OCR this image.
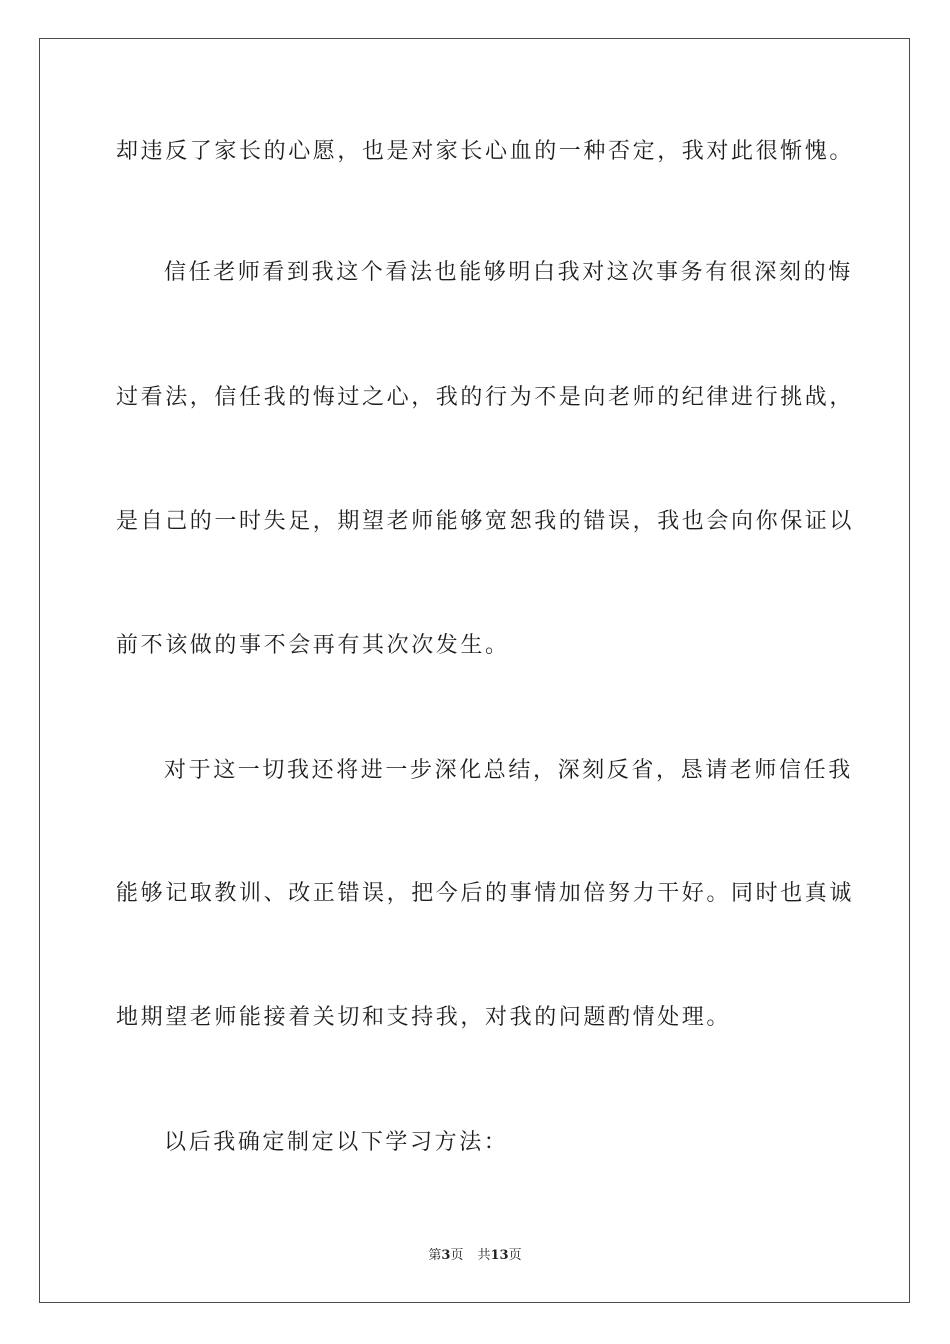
却违反了家长的心愿，也是对家长心血的一种否定，我对此很惭愧。
信任老师看到我这个看法也能够明白我对这次事务有很深刻的悔
过看法，信任我的悔过之心，我的行为不是向老师的纪律进行挑战，
是自己的一时失足，期望老师能够宽恕我的错误，我也会向你保证以
前不该做的事不会再有其次次发生。
对于这一切我还将进一步深化总结，深刻反省，恳请老师信任我
能够记取教训、改正错误，把今后的事情加倍努力干好。同时也真诚
地期望老师能接着关切和支持我，对我的问题酌情处理。
以后我确定制定以下学习方法：
第3页 共13页
